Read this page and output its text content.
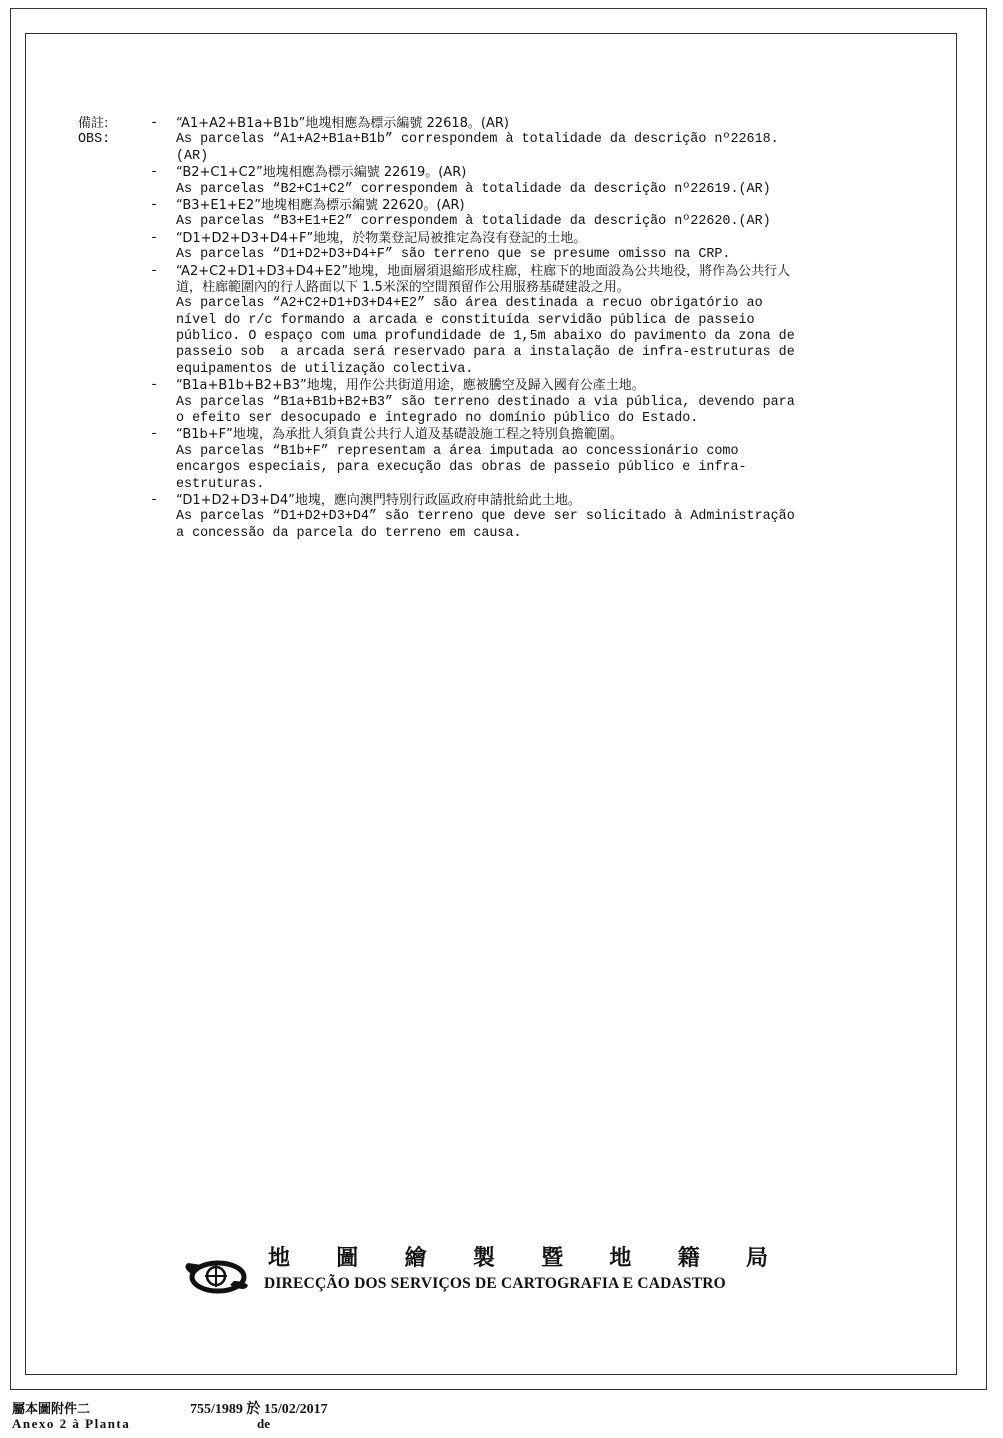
備註:
OBS:
- “A1+A2+B1a+B1b”地塊相應為標示編號 22618。(AR)
As parcelas “A1+A2+B1a+B1b” correspondem à totalidade da descrição nº22618.
(AR)
- “B2+C1+C2”地塊相應為標示編號 22619。(AR)
As parcelas “B2+C1+C2” correspondem à totalidade da descrição nº22619.(AR)
- “B3+E1+E2”地塊相應為標示編號 22620。(AR)
As parcelas “B3+E1+E2” correspondem à totalidade da descrição nº22620.(AR)
- “D1+D2+D3+D4+F”地塊，於物業登記局被推定為沒有登記的土地。
As parcelas “D1+D2+D3+D4+F” são terreno que se presume omisso na CRP.
- “A2+C2+D1+D3+D4+E2”地塊，地面層須退縮形成柱廊，柱廊下的地面設為公共地役，將作為公共行人
道，柱廊範圍內的行人路面以下 1.5米深的空間預留作公用服務基礎建設之用。
As parcelas “A2+C2+D1+D3+D4+E2” são área destinada a recuo obrigatório ao
nível do r/c formando a arcada e constituída servidão pública de passeio
público. O espaço com uma profundidade de 1,5m abaixo do pavimento da zona de
passeio sob  a arcada será reservado para a instalação de infra-estruturas de
equipamentos de utilização colectiva.
- “B1a+B1b+B2+B3”地塊，用作公共街道用途，應被騰空及歸入國有公產土地。
As parcelas “B1a+B1b+B2+B3” são terreno destinado a via pública, devendo para
o efeito ser desocupado e integrado no domínio público do Estado.
- “B1b+F”地塊，為承批人須負責公共行人道及基礎設施工程之特別負擔範圍。
As parcelas “B1b+F” representam a área imputada ao concessionário como
encargos especiais, para execução das obras de passeio público e infra-
estruturas.
- “D1+D2+D3+D4”地塊，應向澳門特別行政區政府申請批給此土地。
As parcelas “D1+D2+D3+D4” são terreno que deve ser solicitado à Administração
a concessão da parcela do terreno em causa.
地 圖 繪 製 暨 地 籍 局
DIRECÇÃO DOS SERVIÇOS DE CARTOGRAFIA E CADASTRO
屬本圖附件二	755/1989 於 15/02/2017
Anexo 2 à Planta	de
